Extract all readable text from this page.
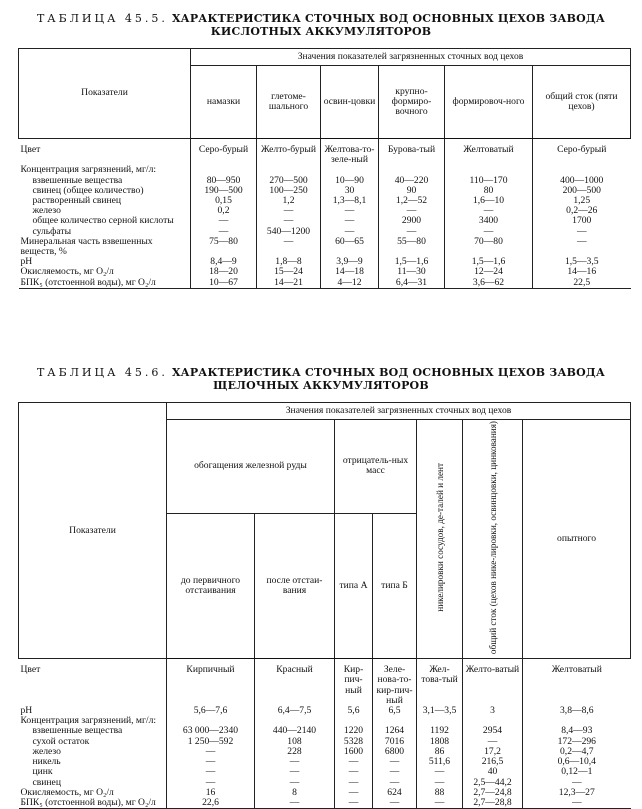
ТАБЛИЦА 45.5. ХАРАКТЕРИСТИКА СТОЧНЫХ ВОД ОСНОВНЫХ ЦЕХОВ ЗАВОДА
КИСЛОТНЫХ АККУМУЛЯТОРОВ
Показатели	Значения показателей загрязненных сточных вод цехов					
	намазки	глетоме-шального	освин-цовки	крупно-формиро-вочного	формировоч-ного	общий сток (пяти цехов)

Цвет	Серо-бурый	Желто-бурый	Желтова-то-зеле-ный	Бурова-тый	Желтоватый	Серо-бурый
Концентрация загрязнений, мг/л:						
взвешенные вещества	80—950	270—500	10—90	40—220	110—170	400—1000
свинец (общее количество)	190—500	100—250	30	90	80	200—500
растворенный свинец	0,15	1,2	1,3—8,1	1,2—52	1,6—10	1,25
железо	0,2	—	—	—	—	0,2—26
общее количество серной кислоты	—	—	—	2900	3400	1700
сульфаты	—	540—1200	—	—	—	—
Минеральная часть взвешенных веществ, %	75—80	—	60—65	55—80	70—80	—
pH	8,4—9	1,8—8	3,9—9	1,5—1,6	1,5—1,6	1,5—3,5
Окисляемость, мг O₂/л	18—20	15—24	14—18	11—30	12—24	14—16
БПК₅ (отстоенной воды), мг O₂/л	10—67	14—21	4—12	6,4—31	3,6—62	22,5
ТАБЛИЦА 45.6. ХАРАКТЕРИСТИКА СТОЧНЫХ ВОД ОСНОВНЫХ ЦЕХОВ ЗАВОДА
ЩЕЛОЧНЫХ АККУМУЛЯТОРОВ
Показатели	Значения показателей загрязненных сточных вод цехов						
	обогащения железной руды		отрицатель-ных масс		никелировки сосудов, де-талей и лент	общий сток (цехов нике-лировки, освинцовки, цинкования)	опытного
	до первичного отстаивания	после отстаи-вания	типа А	типа Б			

Цвет	Кирпичный	Красный	Кир-пич-ный	Зеле-новa-то-кир-пич-ный	Жел-това-тый	Желто-ватый	Желтоватый
pH	5,6—7,6	6,4—7,5	5,6	6,5	3,1—3,5	3	3,8—8,6
Концентрация загрязнений, мг/л:							
взвешенные вещества	63 000—2340	440—2140	1220	1264	1192	2954	8,4—93
сухой остаток	1 250—592	108	5328	7016	1808	—	172—296
железо	—	228	1600	6800	86	17,2	0,2—4,7
никель	—	—	—	—	511,6	216,5	0,6—10,4
цинк	—	—	—	—	—	40	0,12—1
свинец	—	—	—	—	—	2,5—44,2	—
Окисляемость, мг O₂/л	16	8	—	624	88	2,7—24,8	12,3—27
БПК₅ (отстоенной воды), мг O₂/л	22,6	—	—	—	—	2,7—28,8	—
